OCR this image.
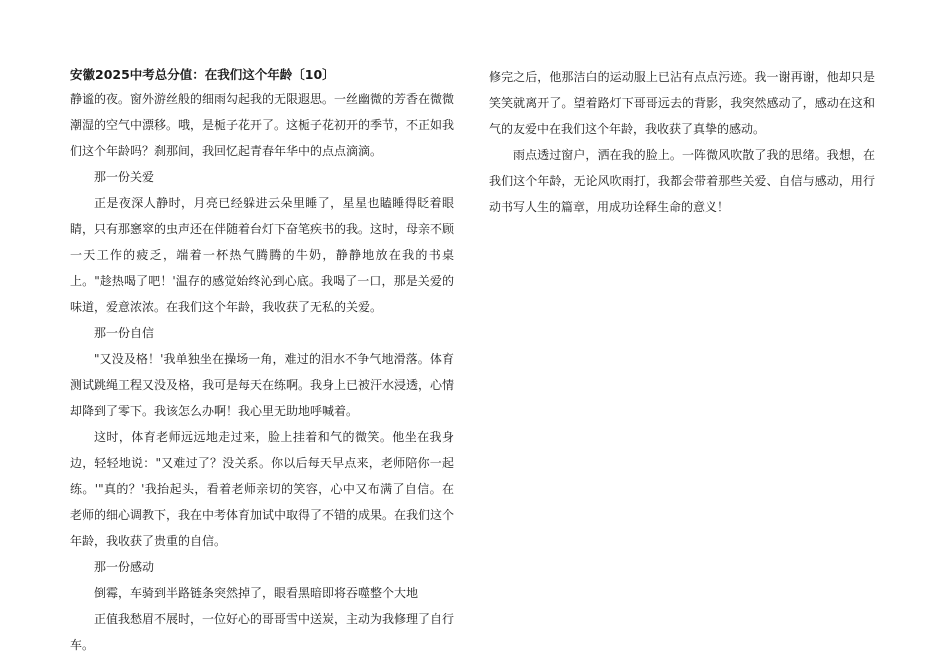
安徽2025中考总分值：在我们这个年龄〔10〕

静谧的夜。窗外游丝般的细雨勾起我的无限遐思。一丝幽微的芳香在微微潮湿的空气中漂移。哦，是栀子花开了。这栀子花初开的季节，不正如我们这个年龄吗？刹那间，我回忆起青春年华中的点点滴滴。

那一份关爱

正是夜深人静时，月亮已经躲进云朵里睡了，星星也瞌睡得眨着眼睛，只有那窸窣的虫声还在伴随着台灯下奋笔疾书的我。这时，母亲不顾一天工作的疲乏，端着一杯热气腾腾的牛奶，静静地放在我的书桌上。"趁热喝了吧！'温存的感觉始终沁到心底。我喝了一口，那是关爱的味道，爱意浓浓。在我们这个年龄，我收获了无私的关爱。

那一份自信

"又没及格！'我单独坐在操场一角，难过的泪水不争气地滑落。体育测试跳绳工程又没及格，我可是每天在练啊。我身上已被汗水浸透，心情却降到了零下。我该怎么办啊！我心里无助地呼喊着。

这时，体育老师远远地走过来，脸上挂着和气的微笑。他坐在我身边，轻轻地说："又难过了？没关系。你以后每天早点来，老师陪你一起练。'"真的？'我抬起头，看着老师亲切的笑容，心中又布满了自信。在老师的细心调教下，我在中考体育加试中取得了不错的成果。在我们这个年龄，我收获了贵重的自信。

那一份感动

倒霉，车骑到半路链条突然掉了，眼看黑暗即将吞噬整个大地

正值我愁眉不展时，一位好心的哥哥雪中送炭，主动为我修理了自行车。

修完之后，他那洁白的运动服上已沾有点点污迹。我一谢再谢，他却只是笑笑就离开了。望着路灯下哥哥远去的背影，我突然感动了，感动在这和气的友爱中在我们这个年龄，我收获了真挚的感动。

雨点透过窗户，洒在我的脸上。一阵微风吹散了我的思绪。我想，在我们这个年龄，无论风吹雨打，我都会带着那些关爱、自信与感动，用行动书写人生的篇章，用成功诠释生命的意义！
